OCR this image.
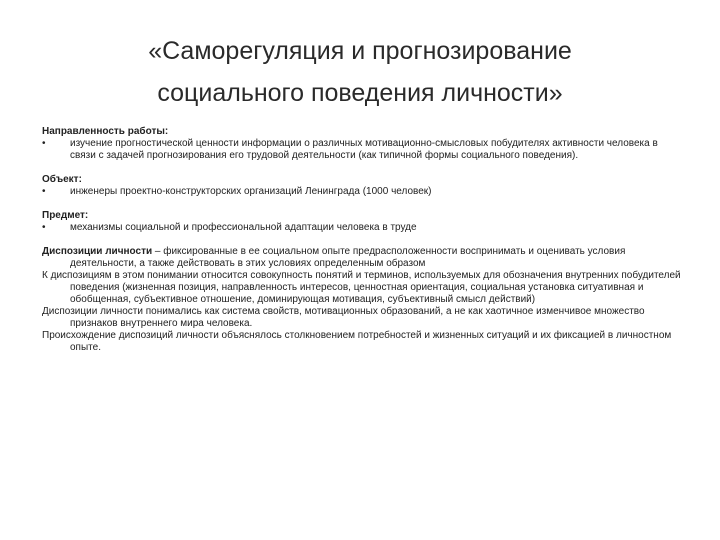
«Саморегуляция и прогнозирование
социального поведения личности»
Направленность работы:
•	изучение прогностической ценности информации о различных мотивационно-смысловых побудителях активности человека в связи с задачей прогнозирования его трудовой деятельности (как типичной формы социального поведения).
Объект:
•	инженеры проектно-конструкторских организаций Ленинграда (1000 человек)
Предмет:
•	механизмы социальной и профессиональной адаптации человека в труде
Диспозиции личности – фиксированные в ее социальном опыте предрасположенности воспринимать и оценивать условия деятельности, а также действовать в этих условиях определенным образом
К диспозициям в этом понимании относится совокупность понятий и терминов, используемых для обозначения внутренних побудителей поведения (жизненная позиция, направленность интересов, ценностная ориентация, социальная установка ситуативная и обобщенная, субъективное отношение, доминирующая мотивация, субъективный смысл действий)
Диспозиции личности понимались как система свойств, мотивационных образований, а не как хаотичное изменчивое множество признаков внутреннего мира человека.
Происхождение диспозиций личности объяснялось столкновением потребностей и жизненных ситуаций и их фиксацией в личностном опыте.
